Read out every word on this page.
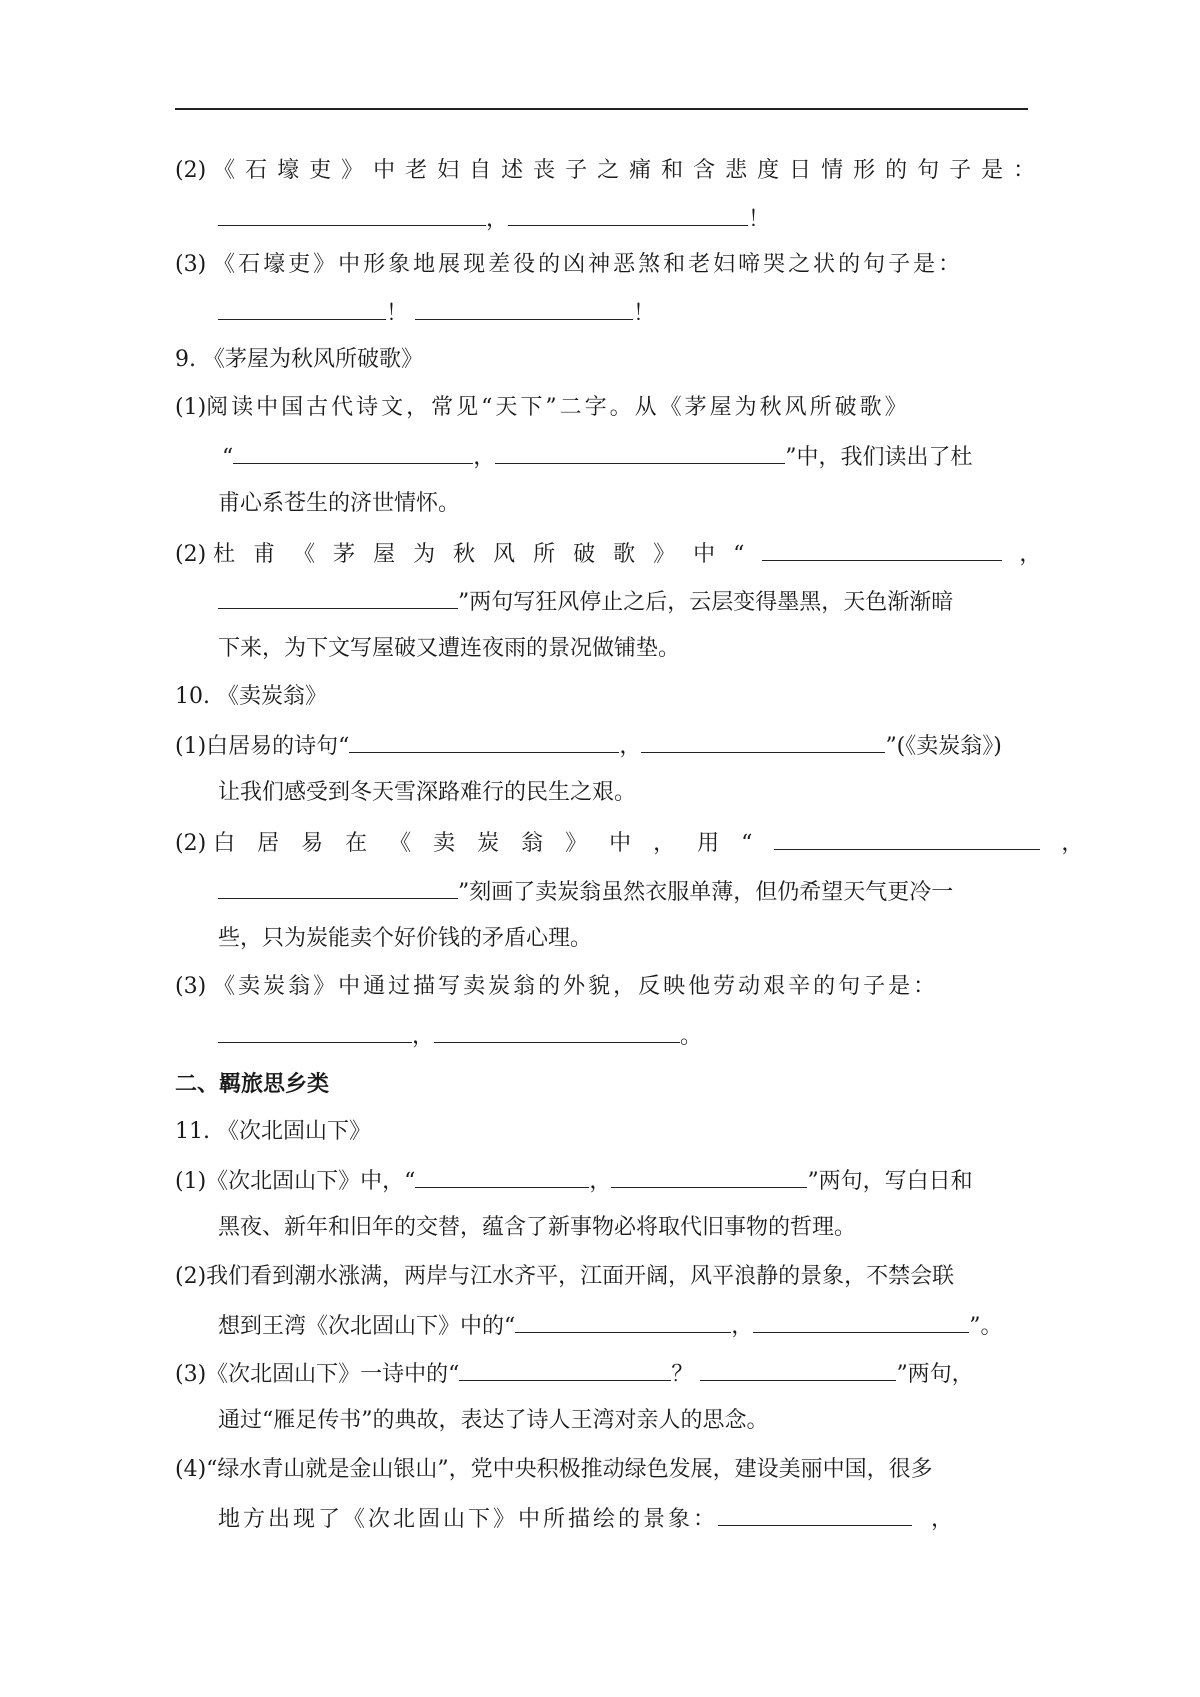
(2) 《石壕吏》中老妇自述丧子之痛和含悲度日情形的句子是：
，	！
(3) 《石壕吏》中形象地展现差役的凶神恶煞和老妇啼哭之状的句子是：
！	！
9. 《茅屋为秋风所破歌》
(1)阅读中国古代诗文，常见“天下”二字。从《茅屋为秋风所破歌》
“	，	”中，我们读出了杜
甫心系苍生的济世情怀。
(2) 杜甫《茅屋为秋风所破歌》中“	，
”两句写狂风停止之后，云层变得墨黑，天色渐渐暗
下来，为下文写屋破又遭连夜雨的景况做铺垫。
10. 《卖炭翁》
(1)白居易的诗句“	，	”(《卖炭翁》)
让我们感受到冬天雪深路难行的民生之艰。
(2) 白居易在《卖炭翁》中，用“	，
”刻画了卖炭翁虽然衣服单薄，但仍希望天气更冷一
些，只为炭能卖个好价钱的矛盾心理。
(3) 《卖炭翁》中通过描写卖炭翁的外貌，反映他劳动艰辛的句子是：
，	。
二、羁旅思乡类
11. 《次北固山下》
(1)《次北固山下》中，“	，	”两句，写白日和
黑夜、新年和旧年的交替，蕴含了新事物必将取代旧事物的哲理。
(2)我们看到潮水涨满，两岸与江水齐平，江面开阔，风平浪静的景象，不禁会联
想到王湾《次北固山下》中的“	，	”。
(3)《次北固山下》一诗中的“	？	”两句，
通过“雁足传书”的典故，表达了诗人王湾对亲人的思念。
(4)“绿水青山就是金山银山”，党中央积极推动绿色发展，建设美丽中国，很多
地方出现了《次北固山下》中所描绘的景象：	，
